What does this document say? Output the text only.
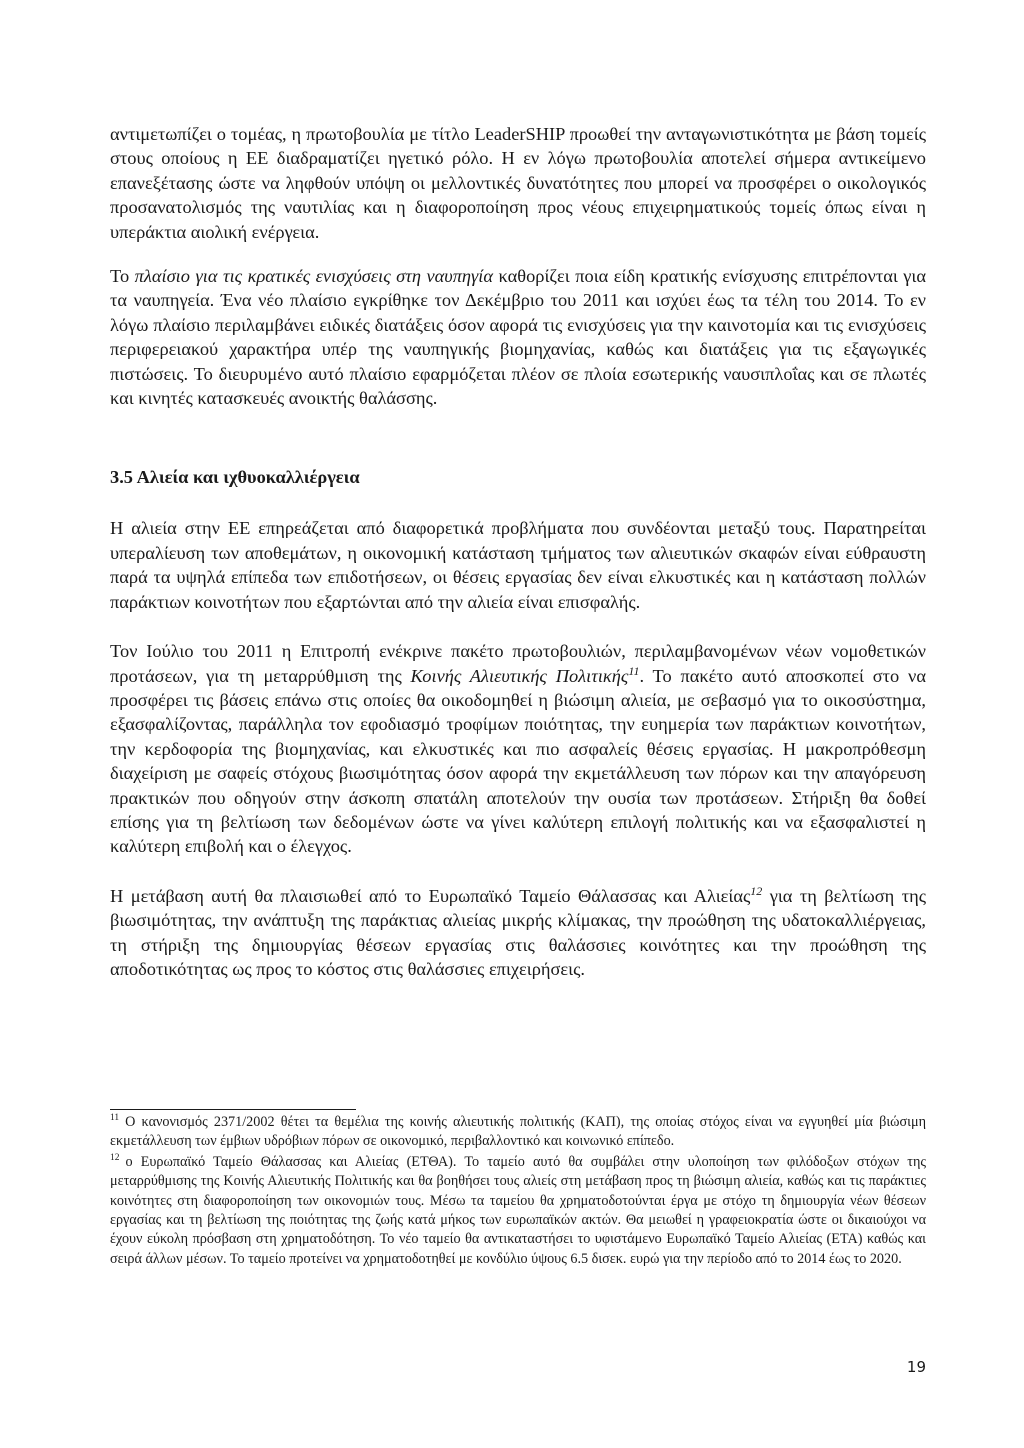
αντιμετωπίζει ο τομέας, η πρωτοβουλία με τίτλο LeaderSHIP προωθεί την ανταγωνιστικότητα με βάση τομείς στους οποίους η ΕΕ διαδραματίζει ηγετικό ρόλο. Η εν λόγω πρωτοβουλία αποτελεί σήμερα αντικείμενο επανεξέτασης ώστε να ληφθούν υπόψη οι μελλοντικές δυνατότητες που μπορεί να προσφέρει ο οικολογικός προσανατολισμός της ναυτιλίας και η διαφοροποίηση προς νέους επιχειρηματικούς τομείς όπως είναι η υπεράκτια αιολική ενέργεια.

Το πλαίσιο για τις κρατικές ενισχύσεις στη ναυπηγία καθορίζει ποια είδη κρατικής ενίσχυσης επιτρέπονται για τα ναυπηγεία. Ένα νέο πλαίσιο εγκρίθηκε τον Δεκέμβριο του 2011 και ισχύει έως τα τέλη του 2014. Το εν λόγω πλαίσιο περιλαμβάνει ειδικές διατάξεις όσον αφορά τις ενισχύσεις για την καινοτομία και τις ενισχύσεις περιφερειακού χαρακτήρα υπέρ της ναυπηγικής βιομηχανίας, καθώς και διατάξεις για τις εξαγωγικές πιστώσεις. Το διευρυμένο αυτό πλαίσιο εφαρμόζεται πλέον σε πλοία εσωτερικής ναυσιπλοΐας και σε πλωτές και κινητές κατασκευές ανοικτής θαλάσσης.

3.5 Αλιεία και ιχθυοκαλλιέργεια

Η αλιεία στην ΕΕ επηρεάζεται από διαφορετικά προβλήματα που συνδέονται μεταξύ τους. Παρατηρείται υπεραλίευση των αποθεμάτων, η οικονομική κατάσταση τμήματος των αλιευτικών σκαφών είναι εύθραυστη παρά τα υψηλά επίπεδα των επιδοτήσεων, οι θέσεις εργασίας δεν είναι ελκυστικές και η κατάσταση πολλών παράκτιων κοινοτήτων που εξαρτώνται από την αλιεία είναι επισφαλής.

Τον Ιούλιο του 2011 η Επιτροπή ενέκρινε πακέτο πρωτοβουλιών, περιλαμβανομένων νέων νομοθετικών προτάσεων, για τη μεταρρύθμιση της Κοινής Αλιευτικής Πολιτικής$^{11}$. Το πακέτο αυτό αποσκοπεί στο να προσφέρει τις βάσεις επάνω στις οποίες θα οικοδομηθεί η βιώσιμη αλιεία, με σεβασμό για το οικοσύστημα, εξασφαλίζοντας, παράλληλα τον εφοδιασμό τροφίμων ποιότητας, την ευημερία των παράκτιων κοινοτήτων, την κερδοφορία της βιομηχανίας, και ελκυστικές και πιο ασφαλείς θέσεις εργασίας. Η μακροπρόθεσμη διαχείριση με σαφείς στόχους βιωσιμότητας όσον αφορά την εκμετάλλευση των πόρων και την απαγόρευση πρακτικών που οδηγούν στην άσκοπη σπατάλη αποτελούν την ουσία των προτάσεων. Στήριξη θα δοθεί επίσης για τη βελτίωση των δεδομένων ώστε να γίνει καλύτερη επιλογή πολιτικής και να εξασφαλιστεί η καλύτερη επιβολή και ο έλεγχος.

Η μετάβαση αυτή θα πλαισιωθεί από το Ευρωπαϊκό Ταμείο Θάλασσας και Αλιείας$^{12}$ για τη βελτίωση της βιωσιμότητας, την ανάπτυξη της παράκτιας αλιείας μικρής κλίμακας, την προώθηση της υδατοκαλλιέργειας, τη στήριξη της δημιουργίας θέσεων εργασίας στις θαλάσσιες κοινότητες και την προώθηση της αποδοτικότητας ως προς το κόστος στις θαλάσσιες επιχειρήσεις.

$^{11}$ Ο κανονισμός 2371/2002 θέτει τα θεμέλια της κοινής αλιευτικής πολιτικής (ΚΑΠ), της οποίας στόχος είναι να εγγυηθεί μία βιώσιμη εκμετάλλευση των έμβιων υδρόβιων πόρων σε οικονομικό, περιβαλλοντικό και κοινωνικό επίπεδο.

$^{12}$ ο Ευρωπαϊκό Ταμείο Θάλασσας και Αλιείας (ΕΤΘΑ). Το ταμείο αυτό θα συμβάλει στην υλοποίηση των φιλόδοξων στόχων της μεταρρύθμισης της Κοινής Αλιευτικής Πολιτικής και θα βοηθήσει τους αλιείς στη μετάβαση προς τη βιώσιμη αλιεία, καθώς και τις παράκτιες κοινότητες στη διαφοροποίηση των οικονομιών τους. Μέσω τα ταμείου θα χρηματοδοτούνται έργα με στόχο τη δημιουργία νέων θέσεων εργασίας και τη βελτίωση της ποιότητας της ζωής κατά μήκος των ευρωπαϊκών ακτών. Θα μειωθεί η γραφειοκρατία ώστε οι δικαιούχοι να έχουν εύκολη πρόσβαση στη χρηματοδότηση. Το νέο ταμείο θα αντικαταστήσει το υφιστάμενο Ευρωπαϊκό Ταμείο Αλιείας (ΕΤΑ) καθώς και σειρά άλλων μέσων. Το ταμείο προτείνει να χρηματοδοτηθεί με κονδύλιο ύψους 6.5 δισεκ. ευρώ για την περίοδο από το 2014 έως το 2020.

19
